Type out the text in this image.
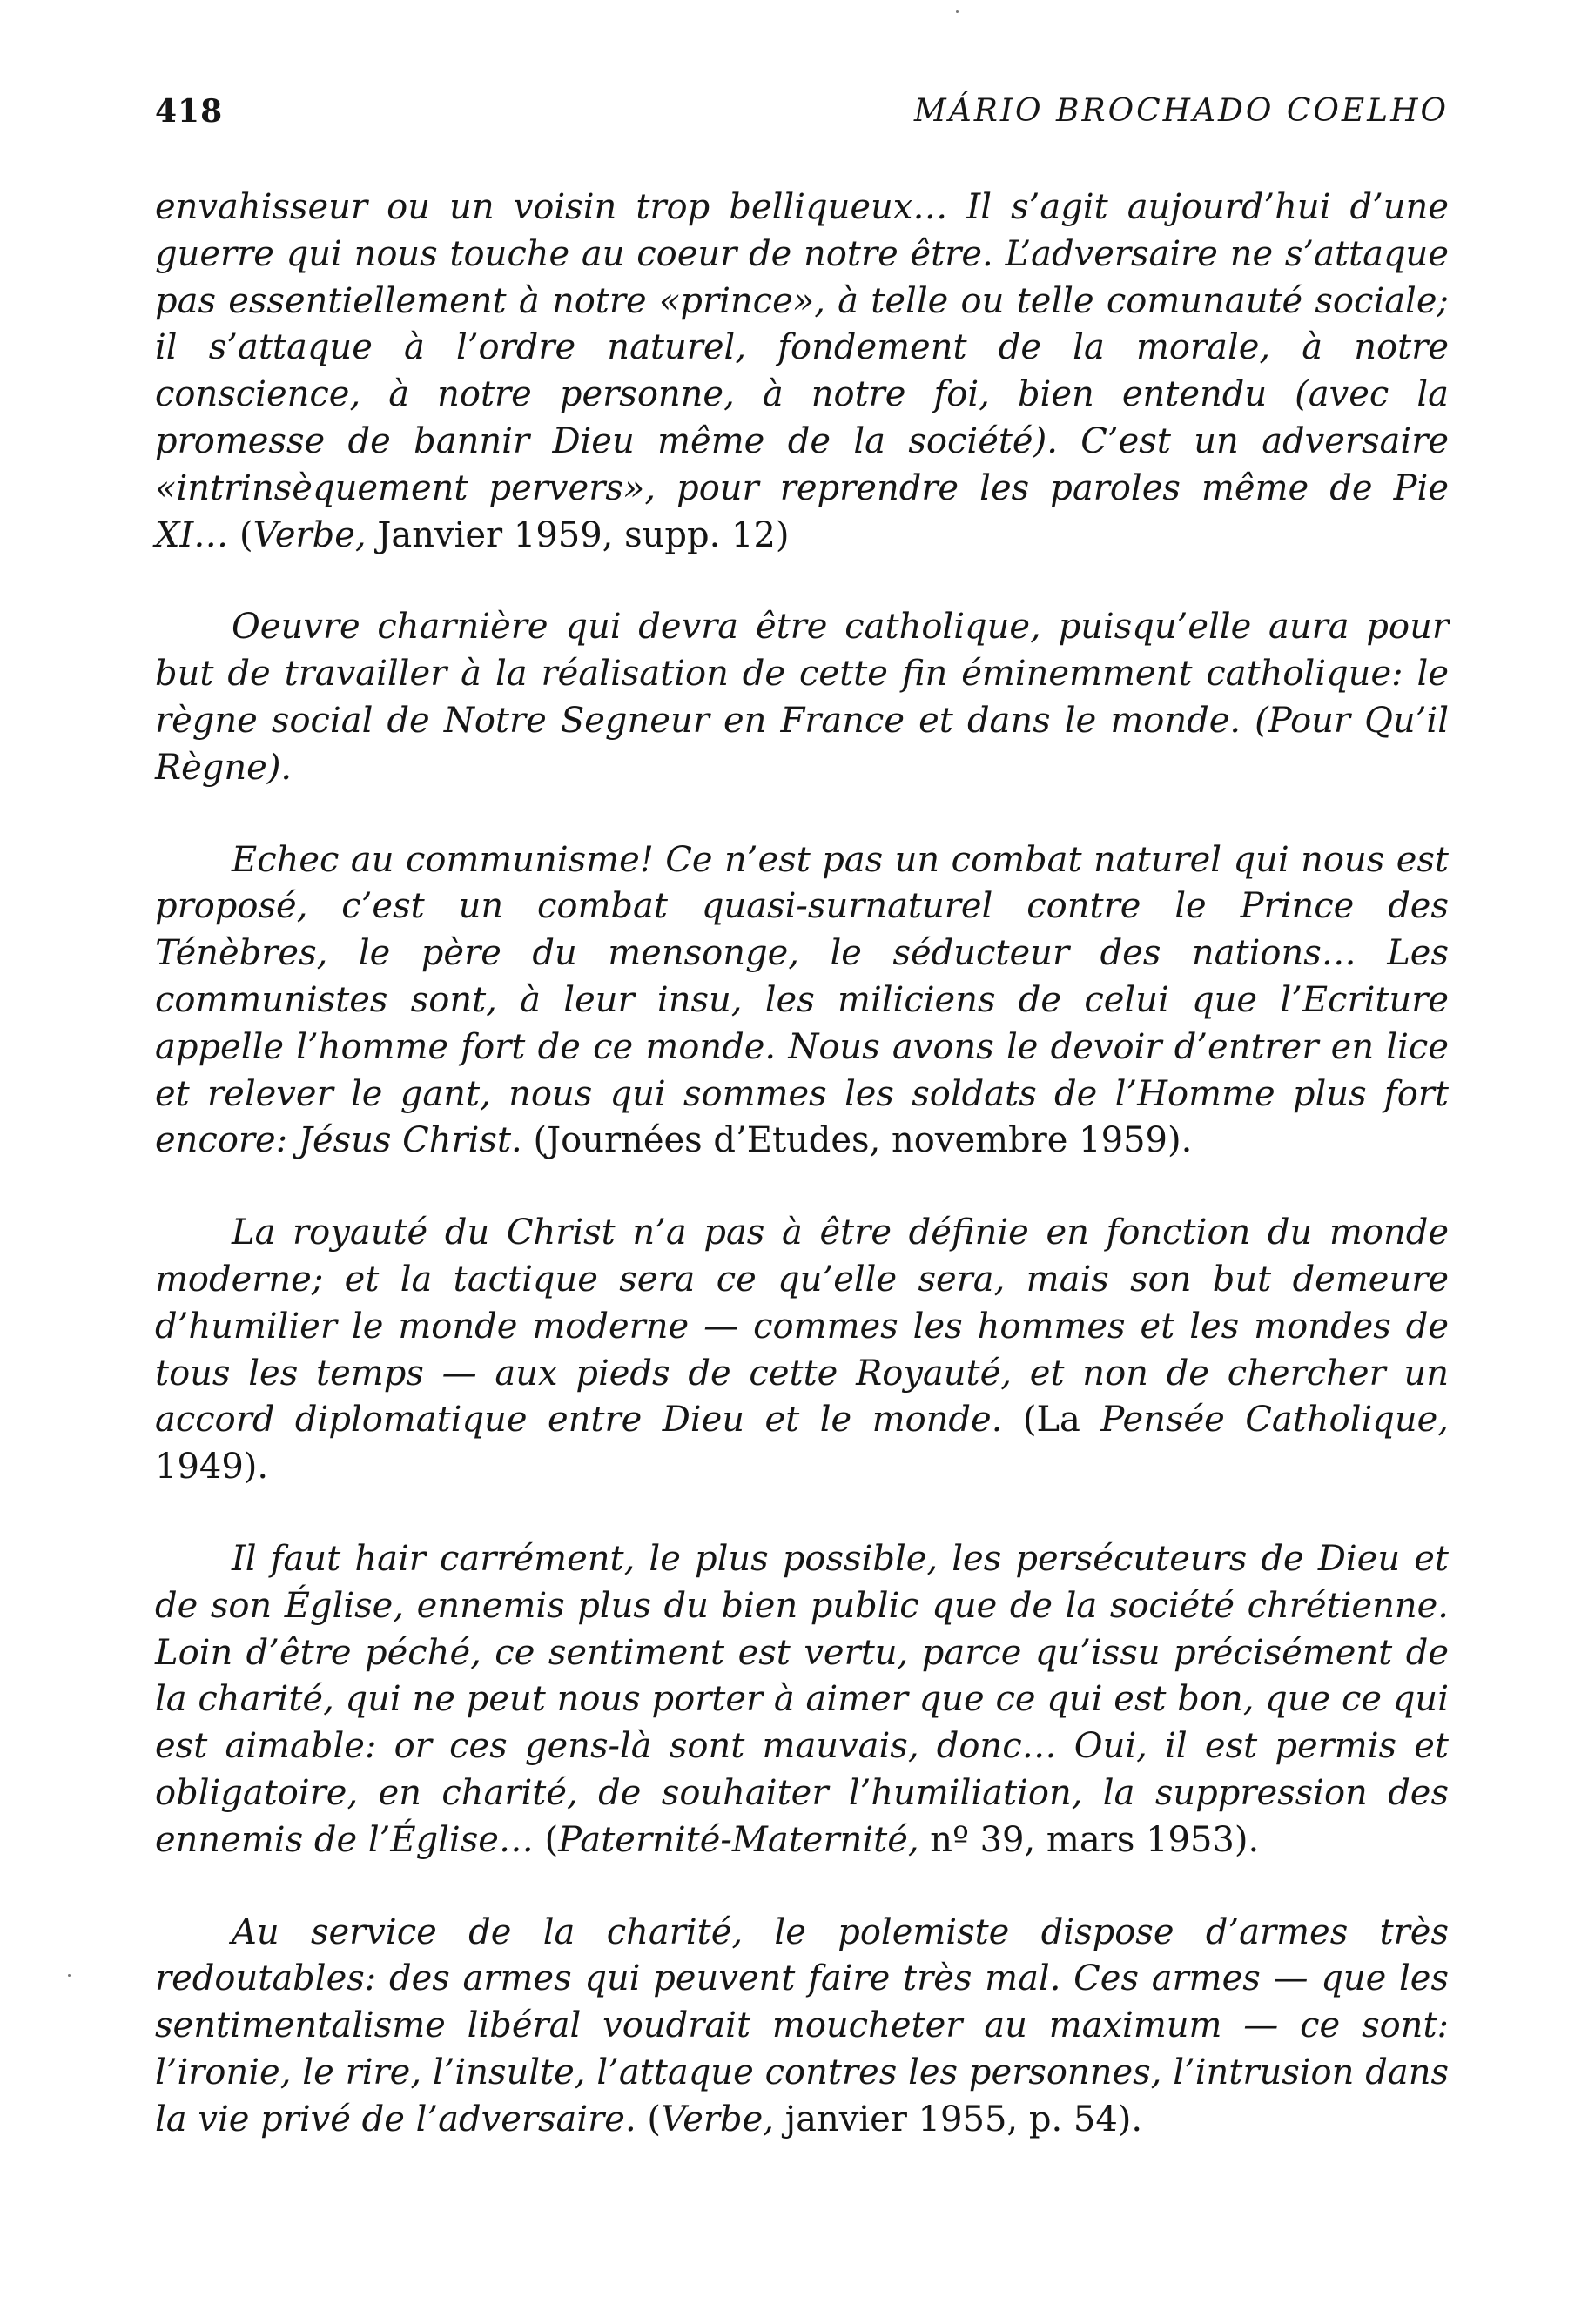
418	MÁRIO BROCHADO COELHO

envahisseur ou un voisin trop belliqueux… Il s’agit aujourd’hui d’une guerre qui nous touche au coeur de notre être. L’adversaire ne s’attaque pas essentiellement à notre «prince», à telle ou telle comunauté sociale; il s’attaque à l’ordre naturel, fondement de la morale, à notre conscience, à notre personne, à notre foi, bien entendu (avec la promesse de bannir Dieu même de la société). C’est un adversaire «intrinsèquement pervers», pour reprendre les paroles même de Pie XI… (Verbe, Janvier 1959, supp. 12)

Oeuvre charnière qui devra être catholique, puisqu’elle aura pour but de travailler à la réalisation de cette fin éminemment catholique: le règne social de Notre Segneur en France et dans le monde. (Pour Qu’il Règne).

Echec au communisme! Ce n’est pas un combat naturel qui nous est proposé, c’est un combat quasi-surnaturel contre le Prince des Ténèbres, le père du mensonge, le séducteur des nations… Les communistes sont, à leur insu, les miliciens de celui que l’Ecriture appelle l’homme fort de ce monde. Nous avons le devoir d’entrer en lice et relever le gant, nous qui sommes les soldats de l’Homme plus fort encore: Jésus Christ. (Journées d’Etudes, novembre 1959).

La royauté du Christ n’a pas à être définie en fonction du monde moderne; et la tactique sera ce qu’elle sera, mais son but demeure d’humilier le monde moderne — commes les hommes et les mondes de tous les temps — aux pieds de cette Royauté, et non de chercher un accord diplomatique entre Dieu et le monde. (La Pensée Catholique, 1949).

Il faut hair carrément, le plus possible, les persécuteurs de Dieu et de son Église, ennemis plus du bien public que de la société chrétienne. Loin d’être péché, ce sentiment est vertu, parce qu’issu précisément de la charité, qui ne peut nous porter à aimer que ce qui est bon, que ce qui est aimable: or ces gens-là sont mauvais, donc… Oui, il est permis et obligatoire, en charité, de souhaiter l’humiliation, la suppression des ennemis de l’Église… (Paternité-Maternité, nº 39, mars 1953).

Au service de la charité, le polemiste dispose d’armes très redoutables: des armes qui peuvent faire très mal. Ces armes — que les sentimentalisme libéral voudrait moucheter au maximum — ce sont: l’ironie, le rire, l’insulte, l’attaque contres les personnes, l’intrusion dans la vie privé de l’adversaire. (Verbe, janvier 1955, p. 54).
